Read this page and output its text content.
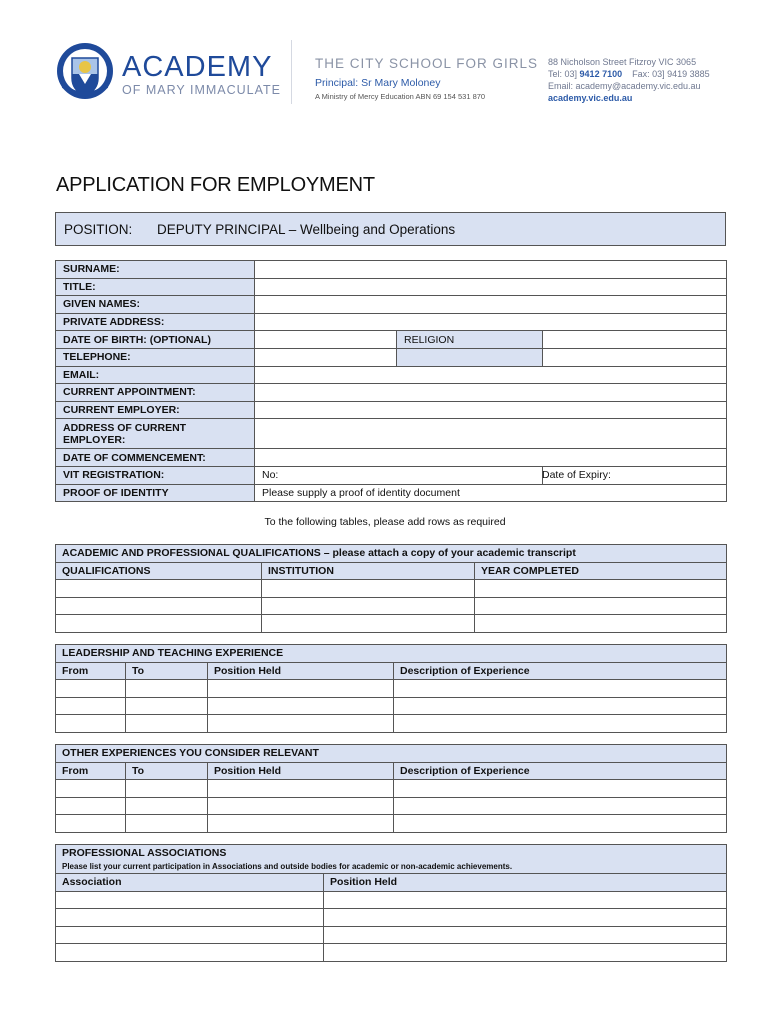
ACADEMY
OF MARY IMMACULATE
THE CITY SCHOOL FOR GIRLS
Principal: Sr Mary Moloney
A Ministry of Mercy Education ABN 69 154 531 870
88 Nicholson Street Fitzroy VIC 3065
Tel: 03] 9412 7100 Fax: 03] 9419 3885
Email: academy@academy.vic.edu.au
academy.vic.edu.au
APPLICATION FOR EMPLOYMENT
POSITION:	DEPUTY PRINCIPAL – Wellbeing and Operations
SURNAME:			
TITLE:			
GIVEN NAMES:			
PRIVATE ADDRESS:			
DATE OF BIRTH: (OPTIONAL)		RELIGION	
TELEPHONE:			
EMAIL:			
CURRENT APPOINTMENT:			
CURRENT EMPLOYER:			
ADDRESS OF CURRENT EMPLOYER:			
DATE OF COMMENCEMENT:			
VIT REGISTRATION:	No:		Date of Expiry:
PROOF OF IDENTITY	Please supply a proof of identity document		
To the following tables, please add rows as required
ACADEMIC AND PROFESSIONAL QUALIFICATIONS – please attach a copy of your academic transcript		
QUALIFICATIONS	INSTITUTION	YEAR COMPLETED

LEADERSHIP AND TEACHING EXPERIENCE			
From	To	Position Held	Description of Experience

OTHER EXPERIENCES YOU CONSIDER RELEVANT			
From	To	Position Held	Description of Experience

PROFESSIONAL ASSOCIATIONS	
Please list your current participation in Associations and outside bodies for academic or non-academic achievements.	
Association	Position Held
